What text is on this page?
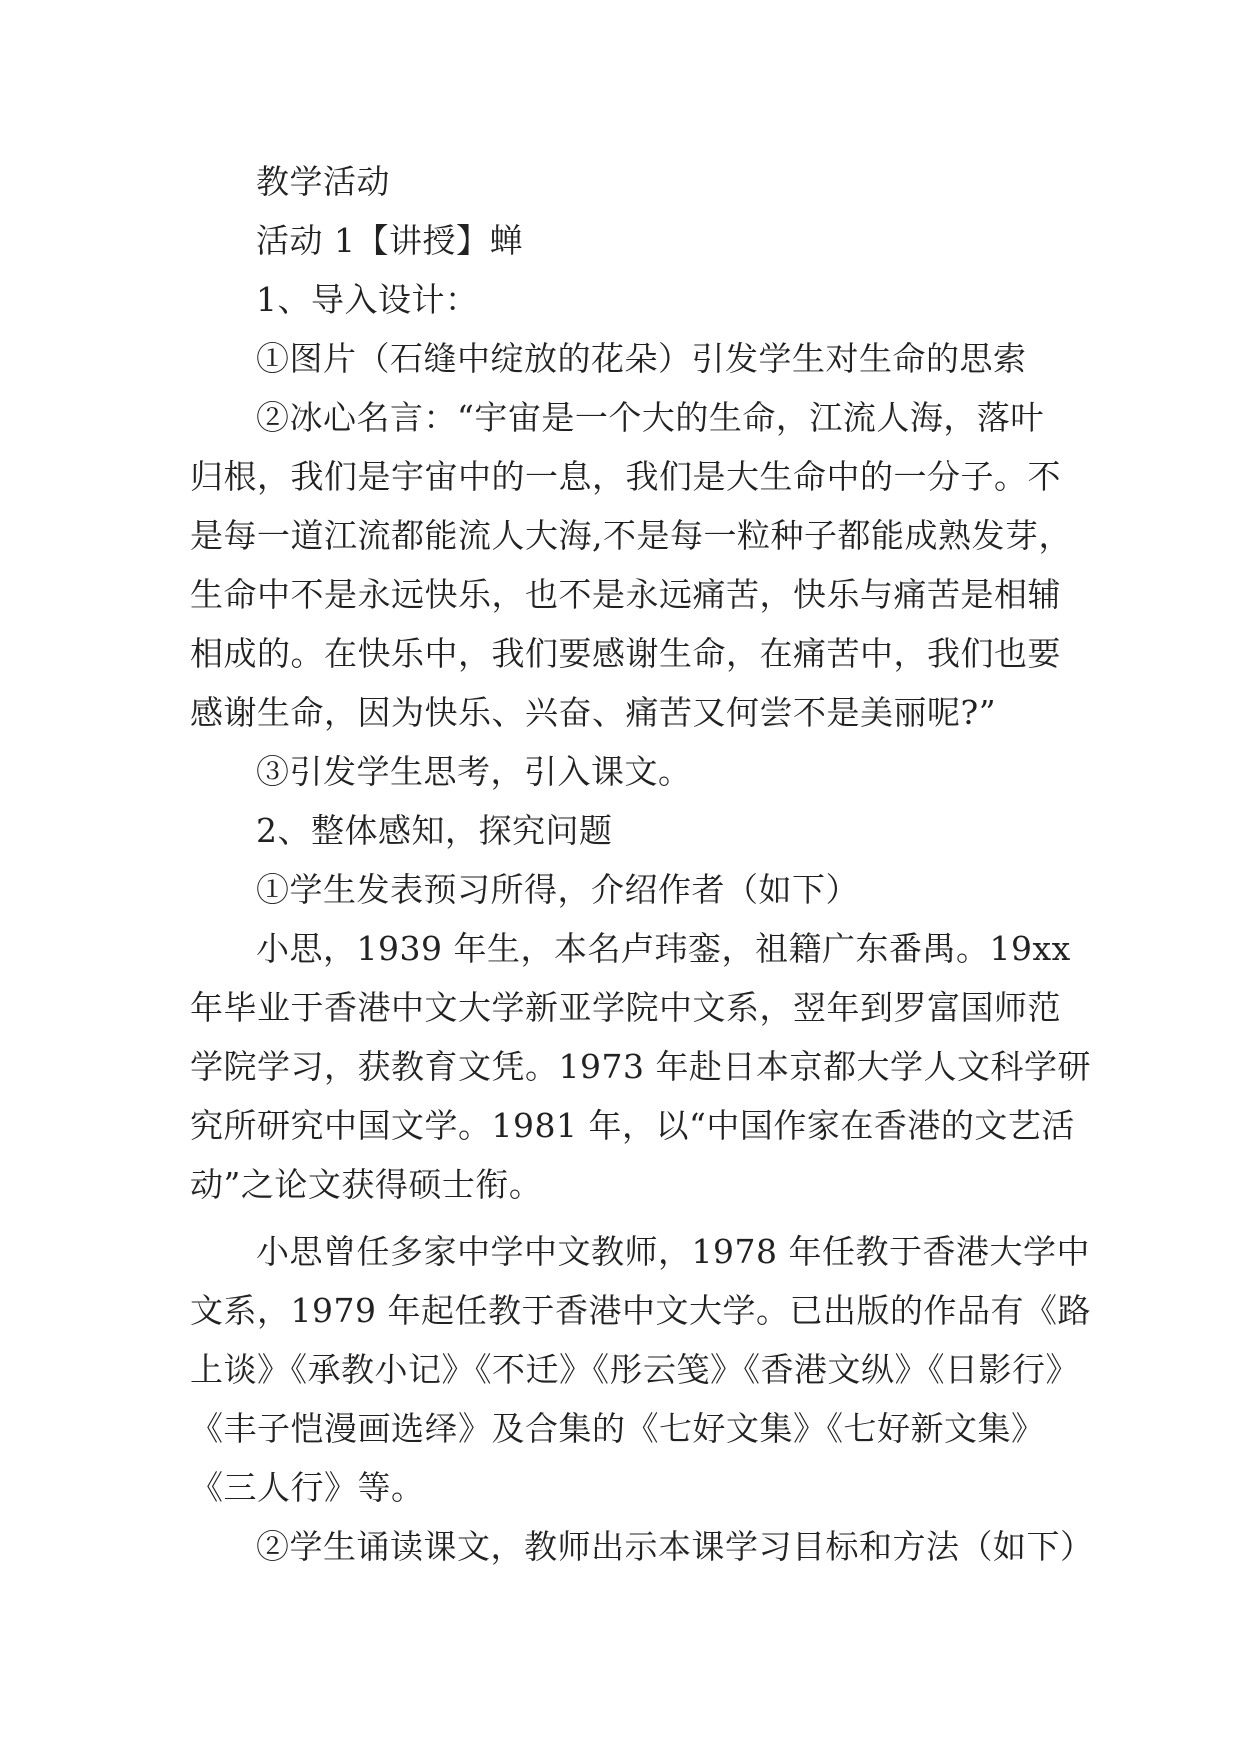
教学活动
活动 1【讲授】蝉
1、导入设计：
①图片（石缝中绽放的花朵）引发学生对生命的思索
②冰心名言：“宇宙是一个大的生命，江流人海，落叶
归根，我们是宇宙中的一息，我们是大生命中的一分子。不
是每一道江流都能流人大海,不是每一粒种子都能成熟发芽，
生命中不是永远快乐，也不是永远痛苦，快乐与痛苦是相辅
相成的。在快乐中，我们要感谢生命，在痛苦中，我们也要
感谢生命，因为快乐、兴奋、痛苦又何尝不是美丽呢?”
③引发学生思考，引入课文。
2、整体感知，探究问题
①学生发表预习所得，介绍作者（如下）
小思，1939 年生，本名卢玮銮，祖籍广东番禺。19xx
年毕业于香港中文大学新亚学院中文系，翌年到罗富国师范
学院学习，获教育文凭。1973 年赴日本京都大学人文科学研
究所研究中国文学。1981 年，以“中国作家在香港的文艺活
动”之论文获得硕士衔。
小思曾任多家中学中文教师，1978 年任教于香港大学中
文系，1979 年起任教于香港中文大学。已出版的作品有《路
上谈》《承教小记》《不迁》《彤云笺》《香港文纵》《日影行》
《丰子恺漫画选绎》及合集的《七好文集》《七好新文集》
《三人行》等。
②学生诵读课文，教师出示本课学习目标和方法（如下）
